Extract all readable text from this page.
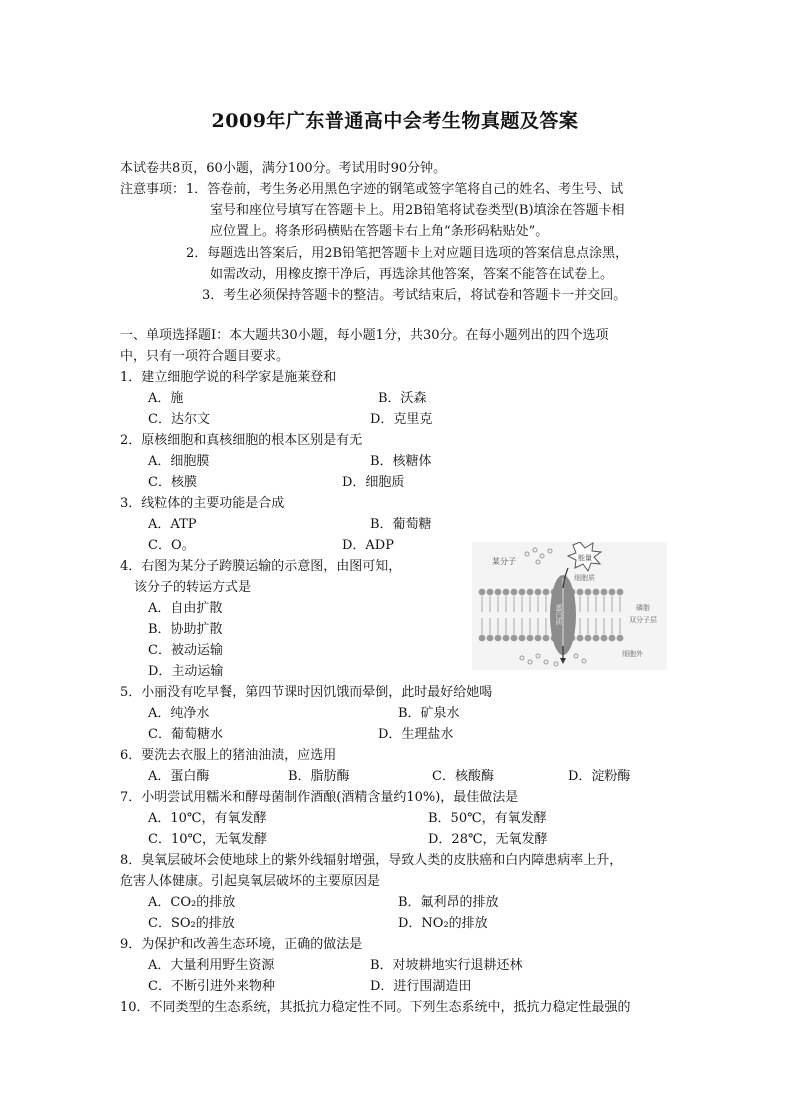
2009年广东普通高中会考生物真题及答案
本试卷共8页，60小题，满分100分。考试用时90分钟。
注意事项： 1．答卷前，考生务必用黑色字迹的钢笔或签字笔将自己的姓名、考生号、试
室号和座位号填写在答题卡上。用2B铅笔将试卷类型(B)填涂在答题卡相
应位置上。将条形码横贴在答题卡右上角“条形码粘贴处”。
2．每题选出答案后，用2B铅笔把答题卡上对应题目选项的答案信息点涂黑，
如需改动，用橡皮擦干净后，再选涂其他答案，答案不能答在试卷上。
3．考生必须保持答题卡的整洁。考试结束后，将试卷和答题卡一并交回。
一、单项选择题Ⅰ：本大题共30小题，每小题1分，共30分。在每小题列出的四个选项
中，只有一项符合题目要求。
1．建立细胞学说的科学家是施莱登和
A．施	B．沃森
C．达尔文	D．克里克
2．原核细胞和真核细胞的根本区别是有无
A．细胞膜	B．核糖体
C．核膜	D．细胞质
3．线粒体的主要功能是合成
A．ATP	B．葡萄糖
C．O。	D．ADP
4．右图为某分子跨膜运输的示意图，由图可知，
该分子的转运方式是
A．自由扩散
B．协助扩散
C．被动运输
D．主动运输
某分子	能量
细胞质
蛋白质	磷脂
双分子层
细胞外
5．小丽没有吃早餐，第四节课时因饥饿而晕倒，此时最好给她喝
A．纯净水	B．矿泉水
C．葡萄糖水	D．生理盐水
6．要洗去衣服上的猪油油渍，应选用
A．蛋白酶	B．脂肪酶	C．核酸酶	D．淀粉酶
7．小明尝试用糯米和酵母菌制作酒酿(酒精含量约10%)，最佳做法是
A．10℃，有氧发酵	B．50℃，有氧发酵
C．10℃，无氧发酵	D．28℃，无氧发酵
8．臭氧层破坏会使地球上的紫外线辐射增强，导致人类的皮肤癌和白内障患病率上升，
危害人体健康。引起臭氧层破坏的主要原因是
A．CO₂的排放	B．氟利昂的排放
C．SO₂的排放	D．NO₂的排放
9．为保护和改善生态环境，正确的做法是
A．大量利用野生资源	B．对坡耕地实行退耕还林
C．不断引进外来物种	D．进行围湖造田
10．不同类型的生态系统，其抵抗力稳定性不同。下列生态系统中，抵抗力稳定性最强的
